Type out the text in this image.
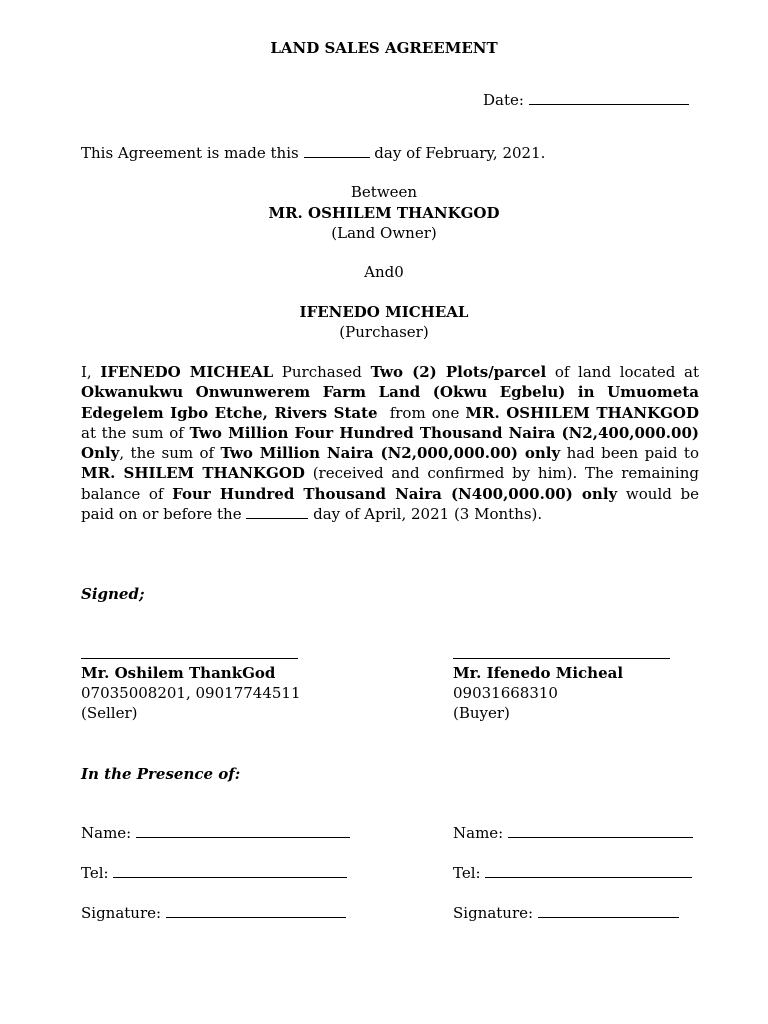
LAND SALES AGREEMENT
Date:
This Agreement is made this	day of February, 2021.
Between
MR. OSHILEM THANKGOD
(Land Owner)
And0
IFENEDO MICHEAL
(Purchaser)
I, IFENEDO MICHEAL Purchased Two (2) Plots/parcel of land located at Okwanukwu Onwunwerem Farm Land (Okwu Egbelu) in Umuometa Edegelem Igbo Etche, Rivers State  from one MR. OSHILEM THANKGOD at the sum of Two Million Four Hundred Thousand Naira (N2,400,000.00) Only, the sum of Two Million Naira (N2,000,000.00) only had been paid to MR. SHILEM THANKGOD (received and confirmed by him). The remaining balance of Four Hundred Thousand Naira (N400,000.00) only would be paid on or before the	day of April, 2021 (3 Months).
Signed;
Mr. Oshilem ThankGod
07035008201, 09017744511
(Seller)
Mr. Ifenedo Micheal
09031668310
(Buyer)
In the Presence of:
Name:	Name:
Tel:	Tel:
Signature:	Signature:
